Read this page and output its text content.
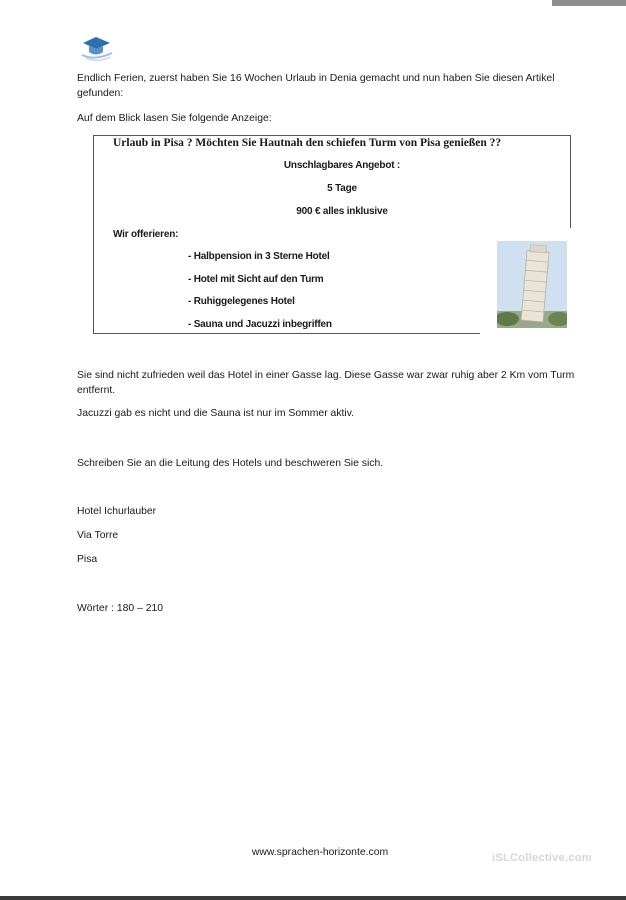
Endlich Ferien, zuerst haben Sie 16 Wochen Urlaub in Denia gemacht und nun haben Sie diesen Artikel gefunden:

Auf dem Blick lasen Sie folgende Anzeige:

Urlaub in Pisa ? Möchten Sie Hautnah den schiefen Turm von Pisa genießen ??
Unschlagbares Angebot :
5 Tage
900 € alles inklusive
Wir offerieren:
- Halbpension in 3 Sterne Hotel
- Hotel mit Sicht auf den Turm
- Ruhiggelegenes Hotel
- Sauna und Jacuzzi inbegriffen

Sie sind nicht zufrieden weil das Hotel in einer Gasse lag. Diese Gasse war zwar ruhig aber 2 Km vom Turm entfernt.

Jacuzzi gab es nicht und die Sauna ist nur im Sommer aktiv.

Schreiben Sie an die Leitung des Hotels und beschweren Sie sich.

Hotel Ichurlauber

Via Torre

Pisa

Wörter : 180 – 210

www.sprachen-horizonte.com	iSLCollective.com
